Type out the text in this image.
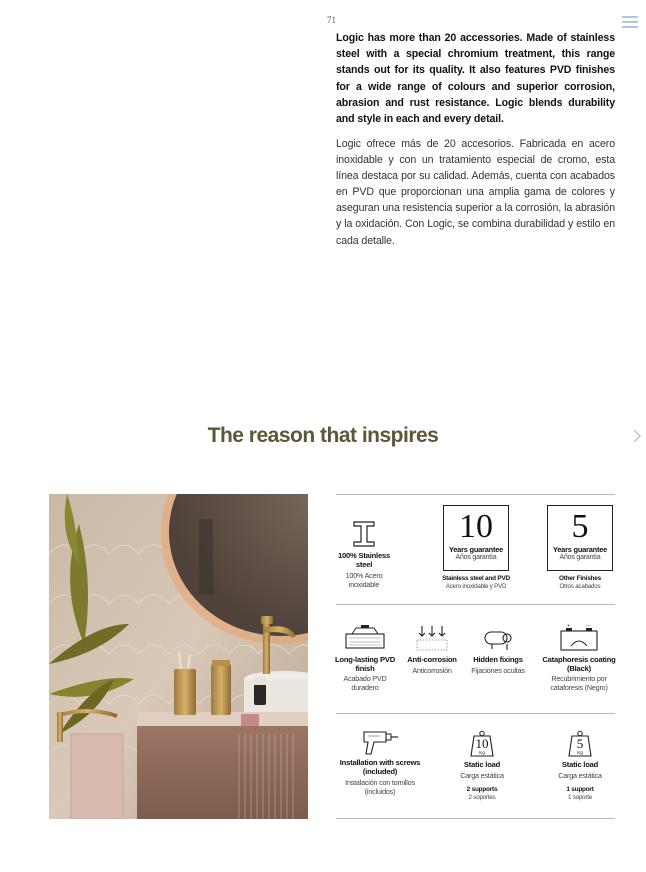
71

Logic has more than 20 accessories. Made of stainless steel with a special chromium treatment, this range stands out for its quality. It also features PVD finishes for a wide range of colours and superior corrosion, abrasion and rust resistance. Logic blends durability and style in each and every detail.

Logic ofrece más de 20 accesorios. Fabricada en acero inoxidable y con un tratamiento especial de cromo, esta línea destaca por su calidad. Además, cuenta con acabados en PVD que proporcionan una amplia gama de colores y aseguran una resistencia superior a la corrosión, la abrasión y la oxidación. Con Logic, se combina durabilidad y estilo en cada detalle.

The reason that inspires
100% Stainless steel
100% Acero inoxidable
10
Years guarantee
Años garantía
Stainless steel and PVD
Acero inoxidable y PVD
5
Years guarantee
Años garantía
Other Finishes
Otros acabados
Long-lasting PVD finish
Acabado PVD duradero
Anti-corrosion
Anticorrosión
Hidden fixings
Fijaciones ocultas
+	–
Cataphoresis coating (Black)
Recubrimiento por cataforesis (Negro)
Installation with screws (included)
Instalación con tornillos (incluidos)
10
Kg
Static load
Carga estática
2 supports
2 soportes
5
Kg
Static load
Carga estática
1 support
1 soporte
